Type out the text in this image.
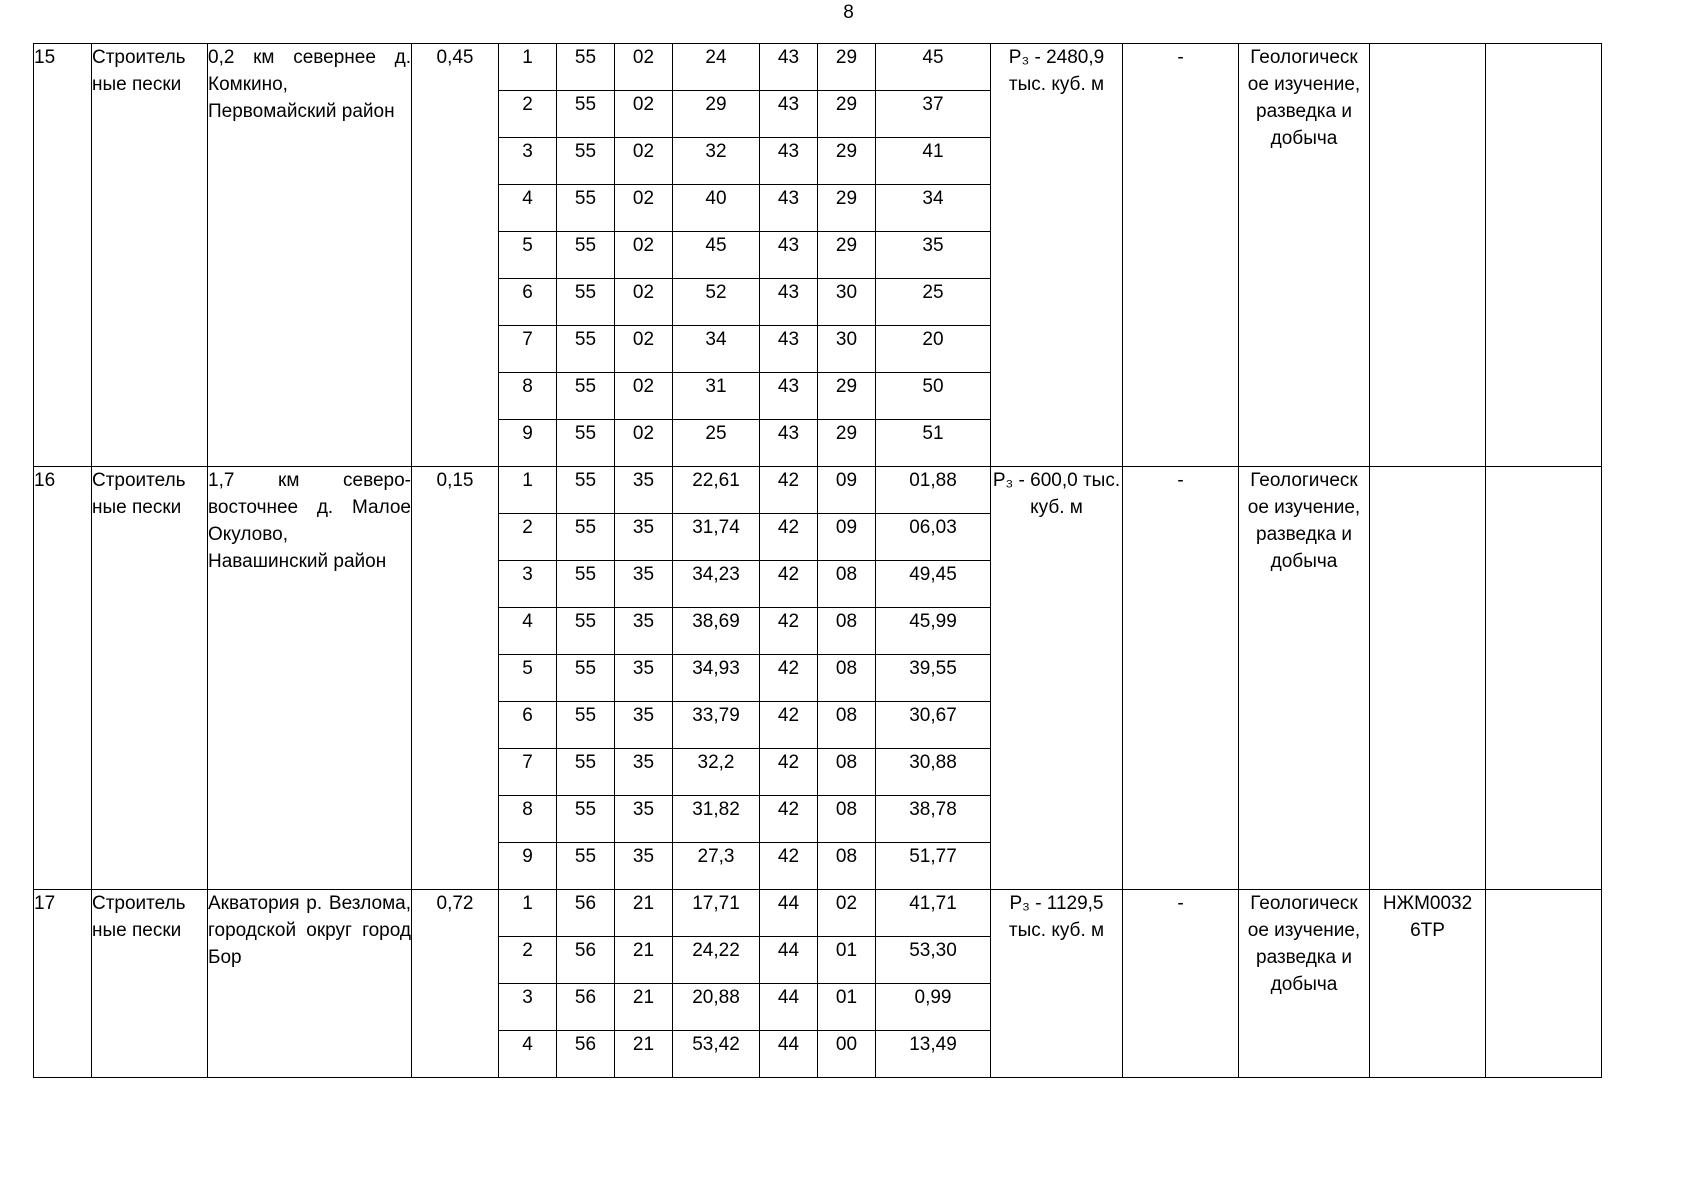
8
15	Строитель ные пески	0,2 км севернее д. Комкино, Первомайский район	0,45	1	55	02	24	43	29	45	P₃ - 2480,9 тыс. куб. м	-	Геологическ ое изучение, разведка и добыча		
				2	55	02	29	43	29	37					
				3	55	02	32	43	29	41					
				4	55	02	40	43	29	34					
				5	55	02	45	43	29	35					
				6	55	02	52	43	30	25					
				7	55	02	34	43	30	20					
				8	55	02	31	43	29	50					
				9	55	02	25	43	29	51					
16	Строитель ные пески	1,7 км северо-восточнее д. Малое Окулово, Навашинский район	0,15	1	55	35	22,61	42	09	01,88	P₃ - 600,0 тыс. куб. м	-	Геологическ ое изучение, разведка и добыча		
				2	55	35	31,74	42	09	06,03					
				3	55	35	34,23	42	08	49,45					
				4	55	35	38,69	42	08	45,99					
				5	55	35	34,93	42	08	39,55					
				6	55	35	33,79	42	08	30,67					
				7	55	35	32,2	42	08	30,88					
				8	55	35	31,82	42	08	38,78					
				9	55	35	27,3	42	08	51,77					
17	Строитель ные пески	Акватория р. Везлома, городской округ город Бор	0,72	1	56	21	17,71	44	02	41,71	P₃ - 1129,5 тыс. куб. м	-	Геологическ ое изучение, разведка и добыча	НЖМ0032 6ТР	
				2	56	21	24,22	44	01	53,30					
				3	56	21	20,88	44	01	0,99					
				4	56	21	53,42	44	00	13,49					
